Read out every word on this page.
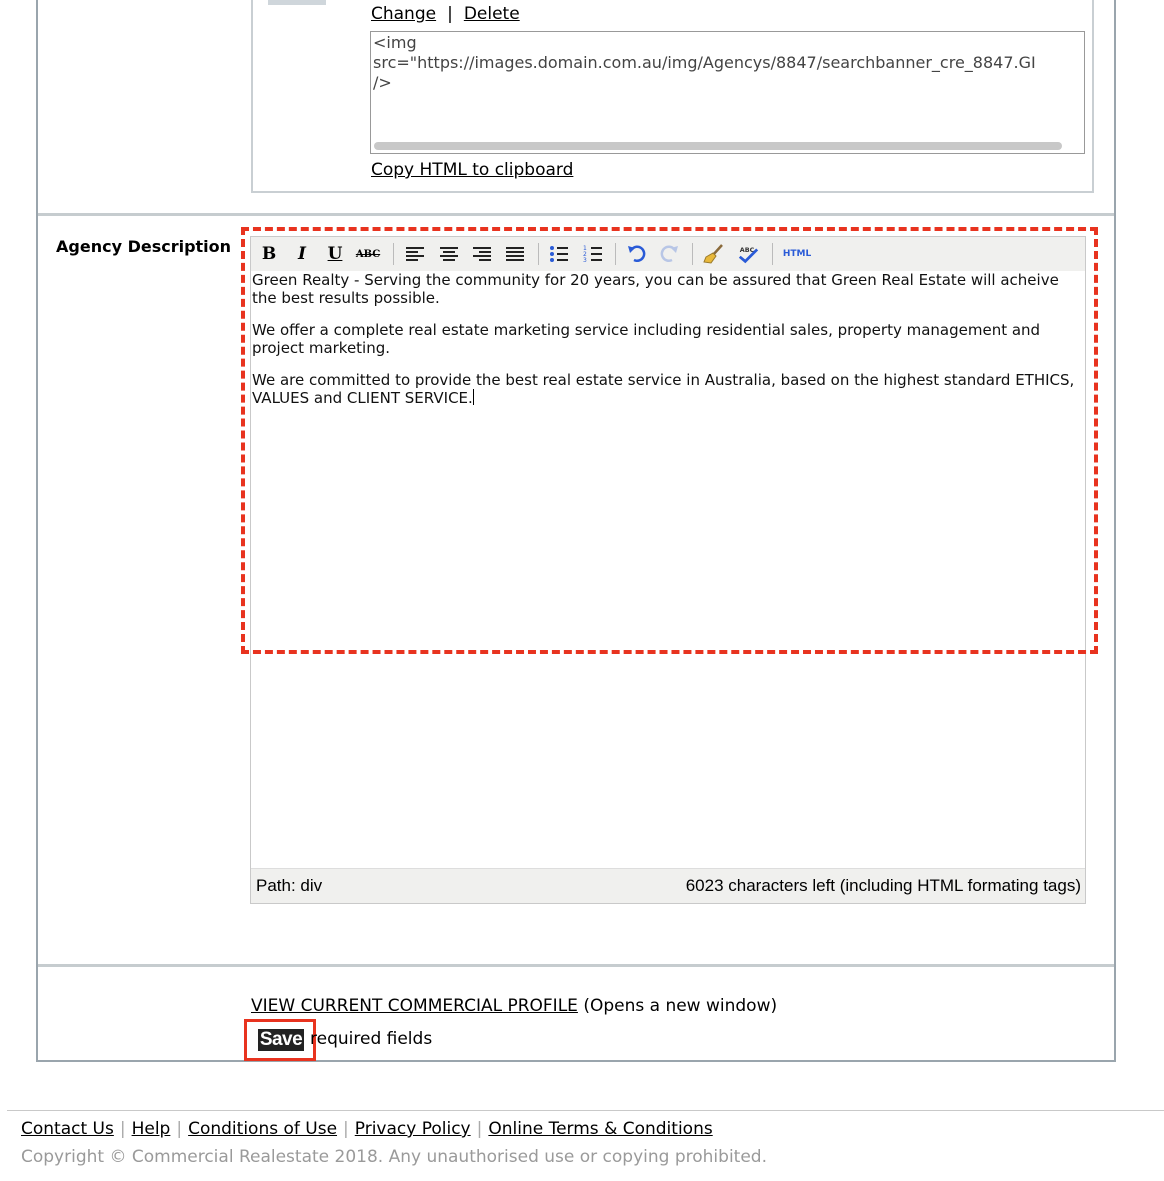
Change | Delete
<img
src="https://images.domain.com.au/img/Agencys/8847/searchbanner_cre_8847.GI
/>
Copy HTML to clipboard
Agency Description B	I	U	ABC	1
2
3
ABC	HTML

Green Realty - Serving the community for 20 years, you can be assured that Green Real Estate will acheive the best results possible.

We offer a complete real estate marketing service including residential sales, property management and project marketing.

We are committed to provide the best real estate service in Australia, based on the highest standard ETHICS, VALUES and CLIENT SERVICE.

Path: div	6023 characters left (including HTML formating tags)
VIEW CURRENT COMMERCIAL PROFILE (Opens a new window)
Save required fields
Contact Us | Help | Conditions of Use | Privacy Policy | Online Terms & Conditions
Copyright © Commercial Realestate 2018. Any unauthorised use or copying prohibited.
